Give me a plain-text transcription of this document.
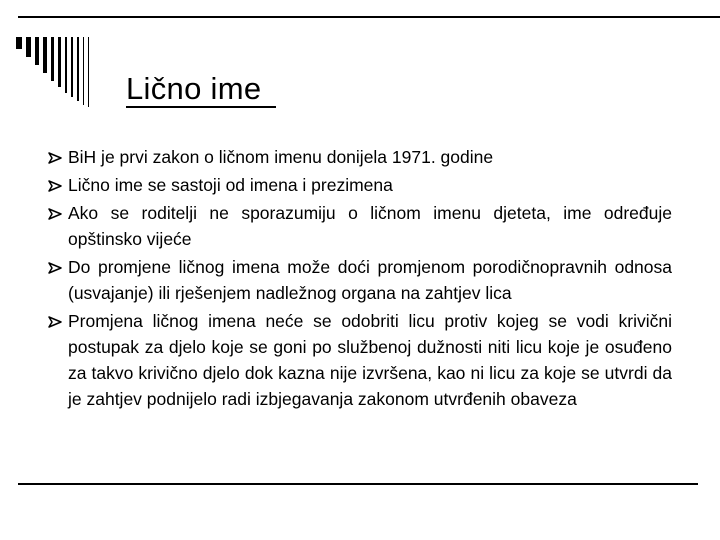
Lično ime
BiH je prvi zakon o ličnom imenu donijela 1971. godine
Lično ime se sastoji od imena i prezimena
Ako se roditelji ne sporazumiju o ličnom imenu djeteta, ime određuje opštinsko vijeće
Do promjene ličnog imena može doći promjenom porodičnopravnih odnosa (usvajanje) ili rješenjem nadležnog organa na zahtjev lica
Promjena ličnog imena neće se odobriti licu protiv kojeg se vodi krivični postupak za djelo koje se goni po službenoj dužnosti niti licu koje je osuđeno za takvo krivično djelo dok kazna nije izvršena, kao ni licu za koje se utvrdi da je zahtjev podnijelo radi izbjegavanja zakonom utvrđenih obaveza
